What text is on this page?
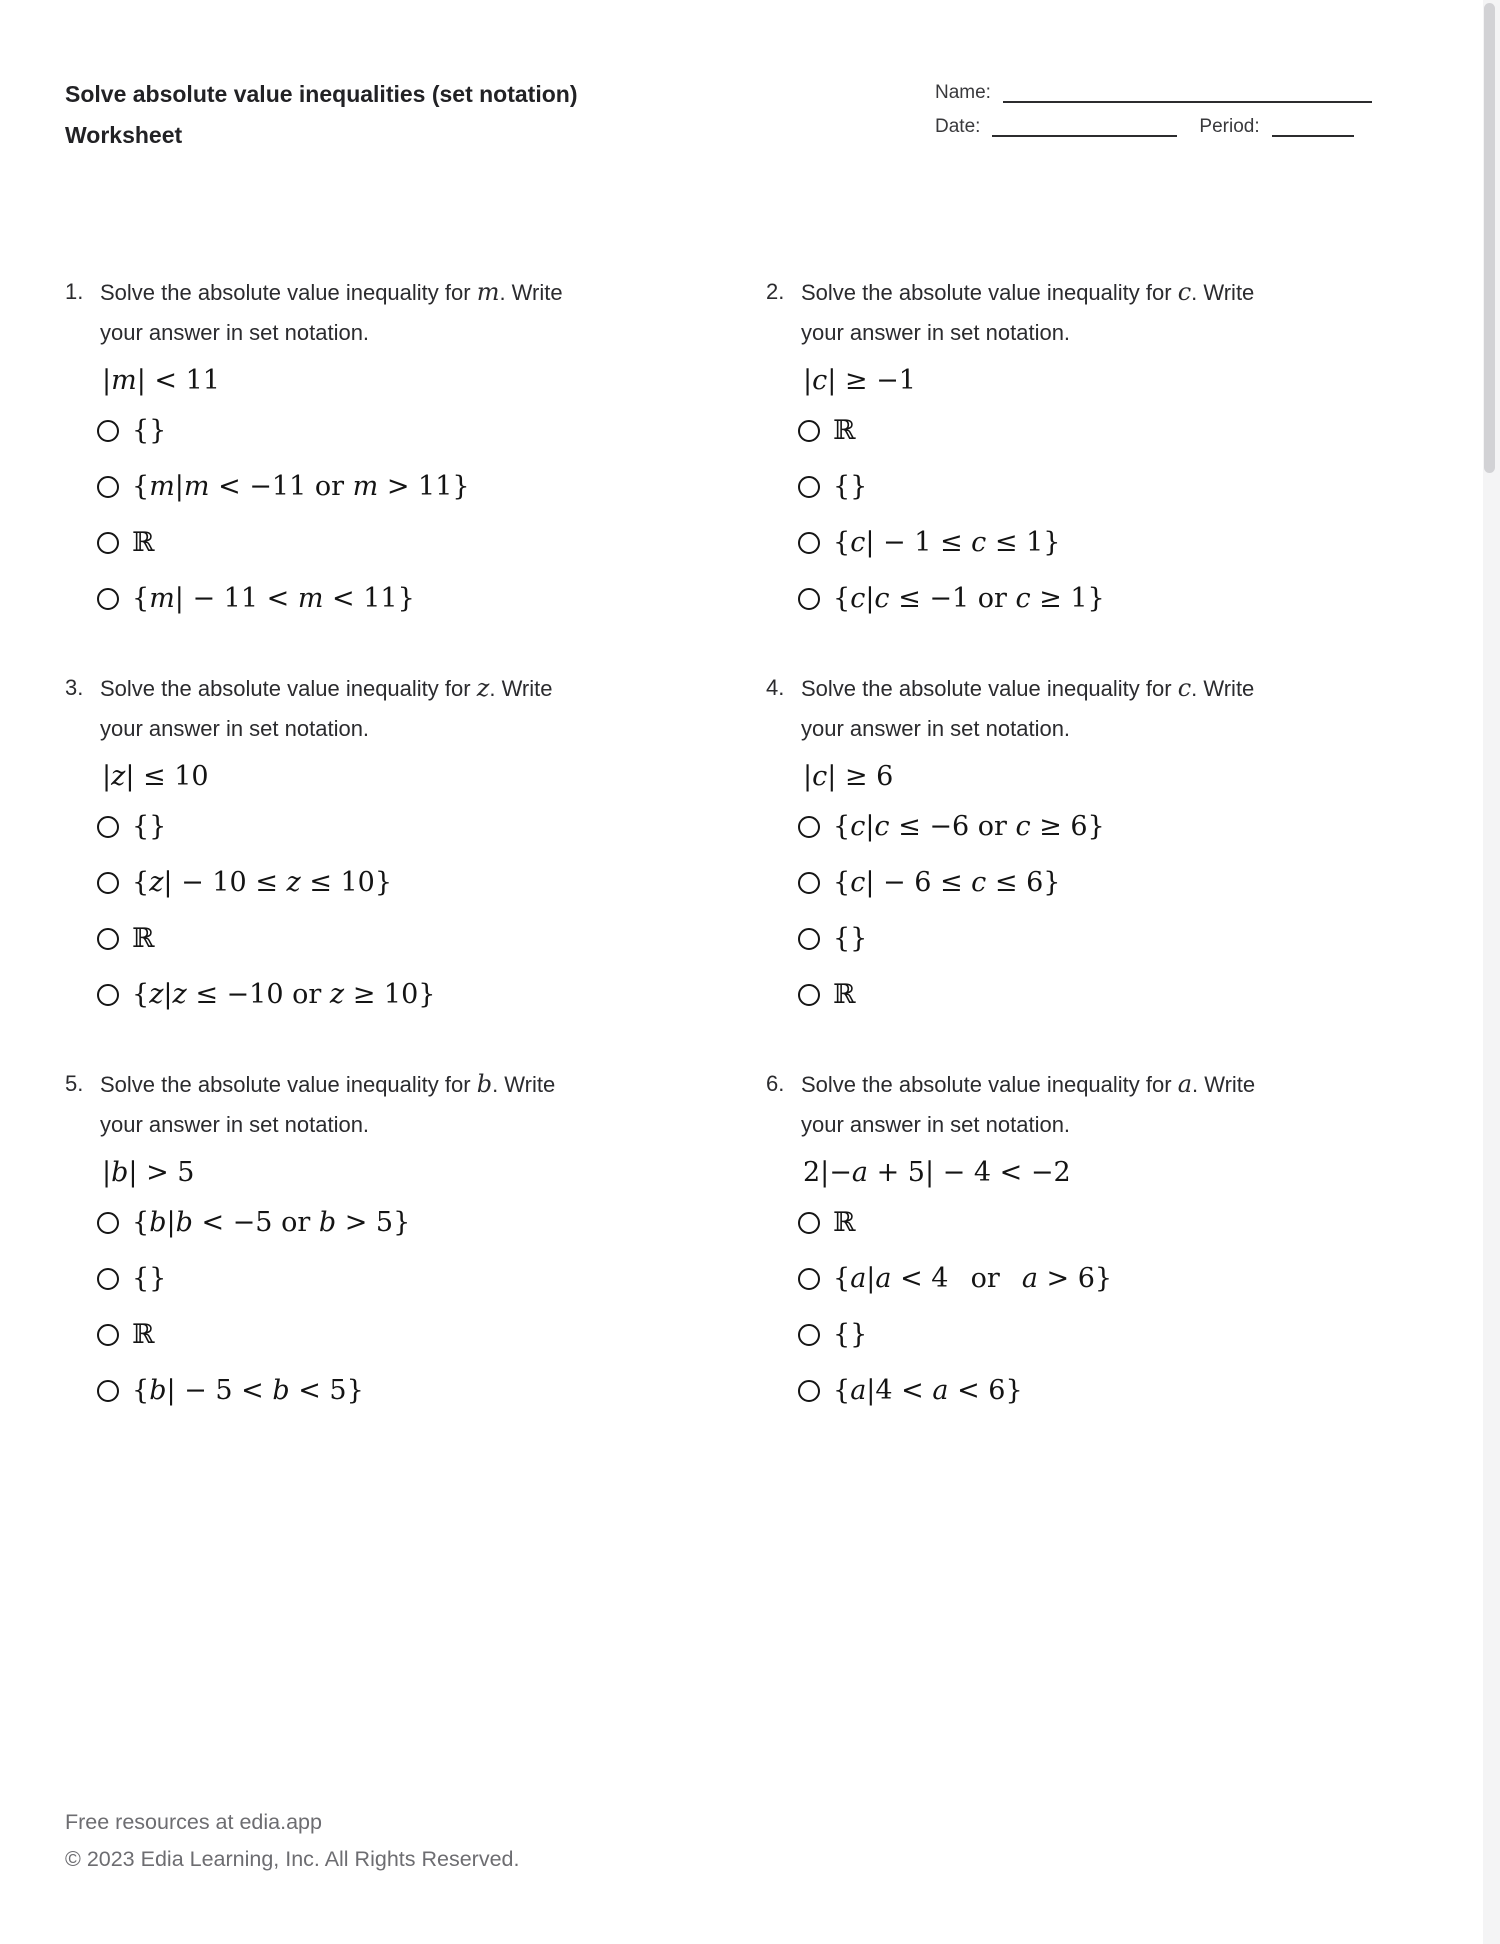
Solve absolute value inequalities (set notation)
Worksheet
Name:
Date:	Period:
1. Solve the absolute value inequality for m. Write
your answer in set notation.
|m| < 11
{}
{m|m < −11 or m > 11}
ℝ
{m| − 11 < m < 11}
2. Solve the absolute value inequality for c. Write
your answer in set notation.
|c| ≥ −1
ℝ
{}
{c| − 1 ≤ c ≤ 1}
{c|c ≤ −1 or c ≥ 1}
3. Solve the absolute value inequality for z. Write
your answer in set notation.
|z| ≤ 10
{}
{z| − 10 ≤ z ≤ 10}
ℝ
{z|z ≤ −10 or z ≥ 10}
4. Solve the absolute value inequality for c. Write
your answer in set notation.
|c| ≥ 6
{c|c ≤ −6 or c ≥ 6}
{c| − 6 ≤ c ≤ 6}
{}
ℝ
5. Solve the absolute value inequality for b. Write
your answer in set notation.
|b| > 5
{b|b < −5 or b > 5}
{}
ℝ
{b| − 5 < b < 5}
6. Solve the absolute value inequality for a. Write
your answer in set notation.
2|−a + 5| − 4 < −2
ℝ
{a|a < 4  or  a > 6}
{}
{a|4 < a < 6}
Free resources at edia.app
© 2023 Edia Learning, Inc. All Rights Reserved.
